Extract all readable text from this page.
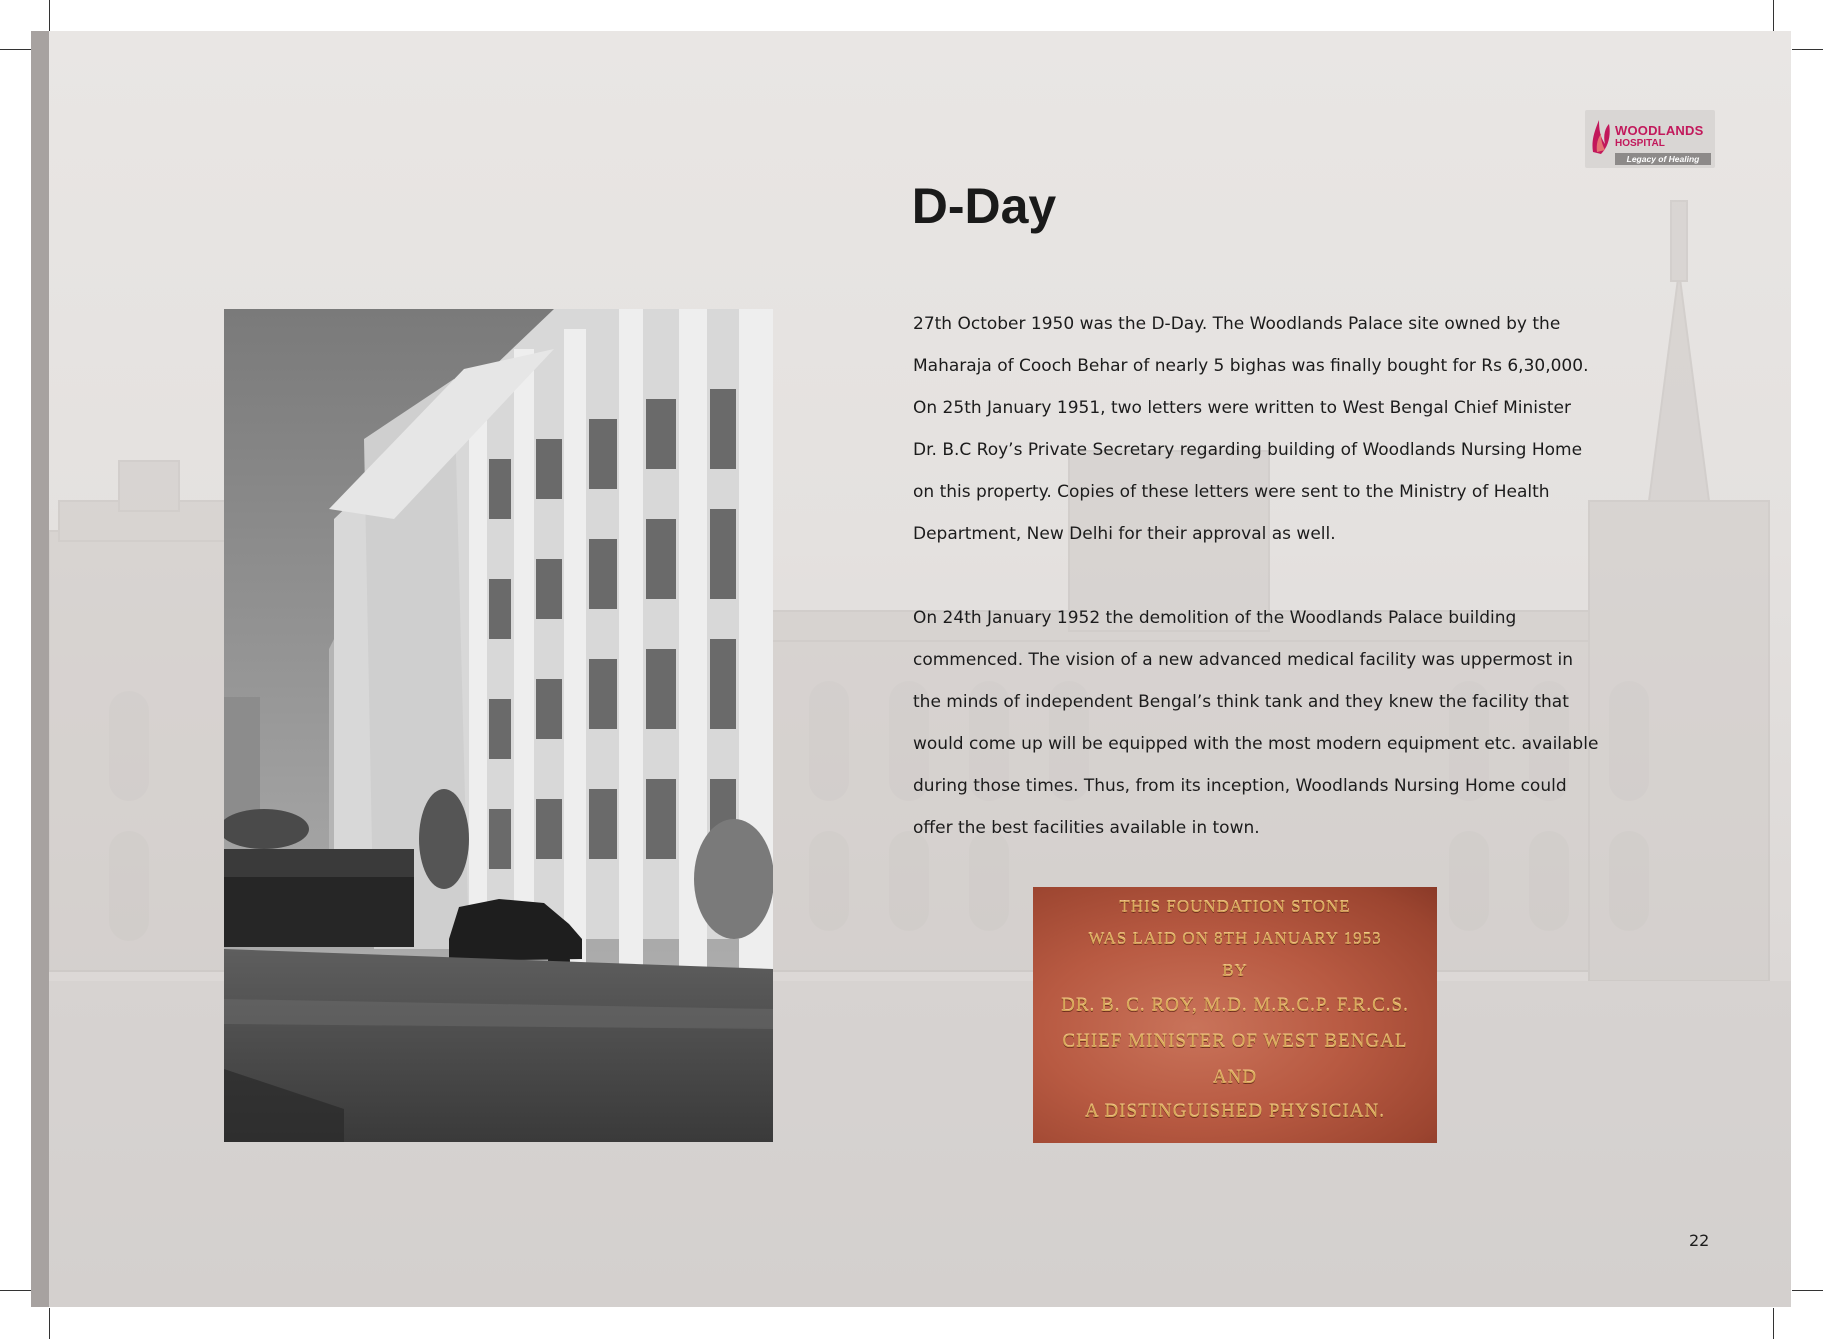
WOODLANDS
HOSPITAL
Legacy of Healing
D-Day

27th October 1950 was the D-Day. The Woodlands Palace site owned by the
Maharaja of Cooch Behar of nearly 5 bighas was finally bought for Rs 6,30,000.
On 25th January 1951, two letters were written to West Bengal Chief Minister
Dr. B.C Roy’s Private Secretary regarding building of Woodlands Nursing Home
on this property. Copies of these letters were sent to the Ministry of Health
Department, New Delhi for their approval as well.

On 24th January 1952 the demolition of the Woodlands Palace building
commenced. The vision of a new advanced medical facility was uppermost in
the minds of independent Bengal’s think tank and they knew the facility that
would come up will be equipped with the most modern equipment etc. available
during those times. Thus, from its inception, Woodlands Nursing Home could
offer the best facilities available in town.

THIS FOUNDATION STONE
WAS LAID ON 8TH JANUARY 1953
BY
DR. B. C. ROY, M.D. M.R.C.P. F.R.C.S.
CHIEF MINISTER OF WEST BENGAL
AND
A DISTINGUISHED PHYSICIAN.
22
